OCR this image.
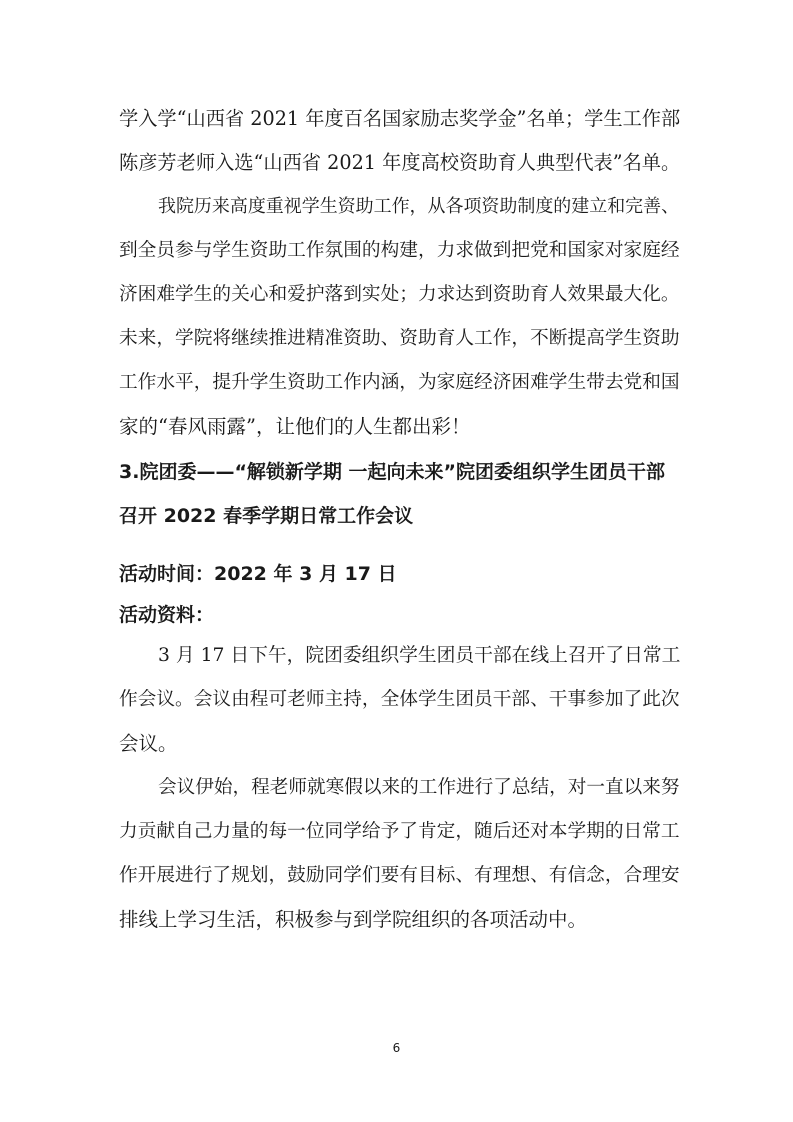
学入学“山西省 2021 年度百名国家励志奖学金”名单；学生工作部
陈彦芳老师入选“山西省 2021 年度高校资助育人典型代表”名单。
我院历来高度重视学生资助工作，从各项资助制度的建立和完善、
到全员参与学生资助工作氛围的构建，力求做到把党和国家对家庭经
济困难学生的关心和爱护落到实处；力求达到资助育人效果最大化。
未来，学院将继续推进精准资助、资助育人工作，不断提高学生资助
工作水平，提升学生资助工作内涵，为家庭经济困难学生带去党和国
家的“春风雨露”，让他们的人生都出彩！
3.院团委——“解锁新学期 一起向未来”院团委组织学生团员干部
召开 2022 春季学期日常工作会议
活动时间：2022 年 3 月 17 日
活动资料：
3 月 17 日下午，院团委组织学生团员干部在线上召开了日常工
作会议。会议由程可老师主持，全体学生团员干部、干事参加了此次
会议。
会议伊始，程老师就寒假以来的工作进行了总结，对一直以来努
力贡献自己力量的每一位同学给予了肯定，随后还对本学期的日常工
作开展进行了规划，鼓励同学们要有目标、有理想、有信念，合理安
排线上学习生活，积极参与到学院组织的各项活动中。
6
